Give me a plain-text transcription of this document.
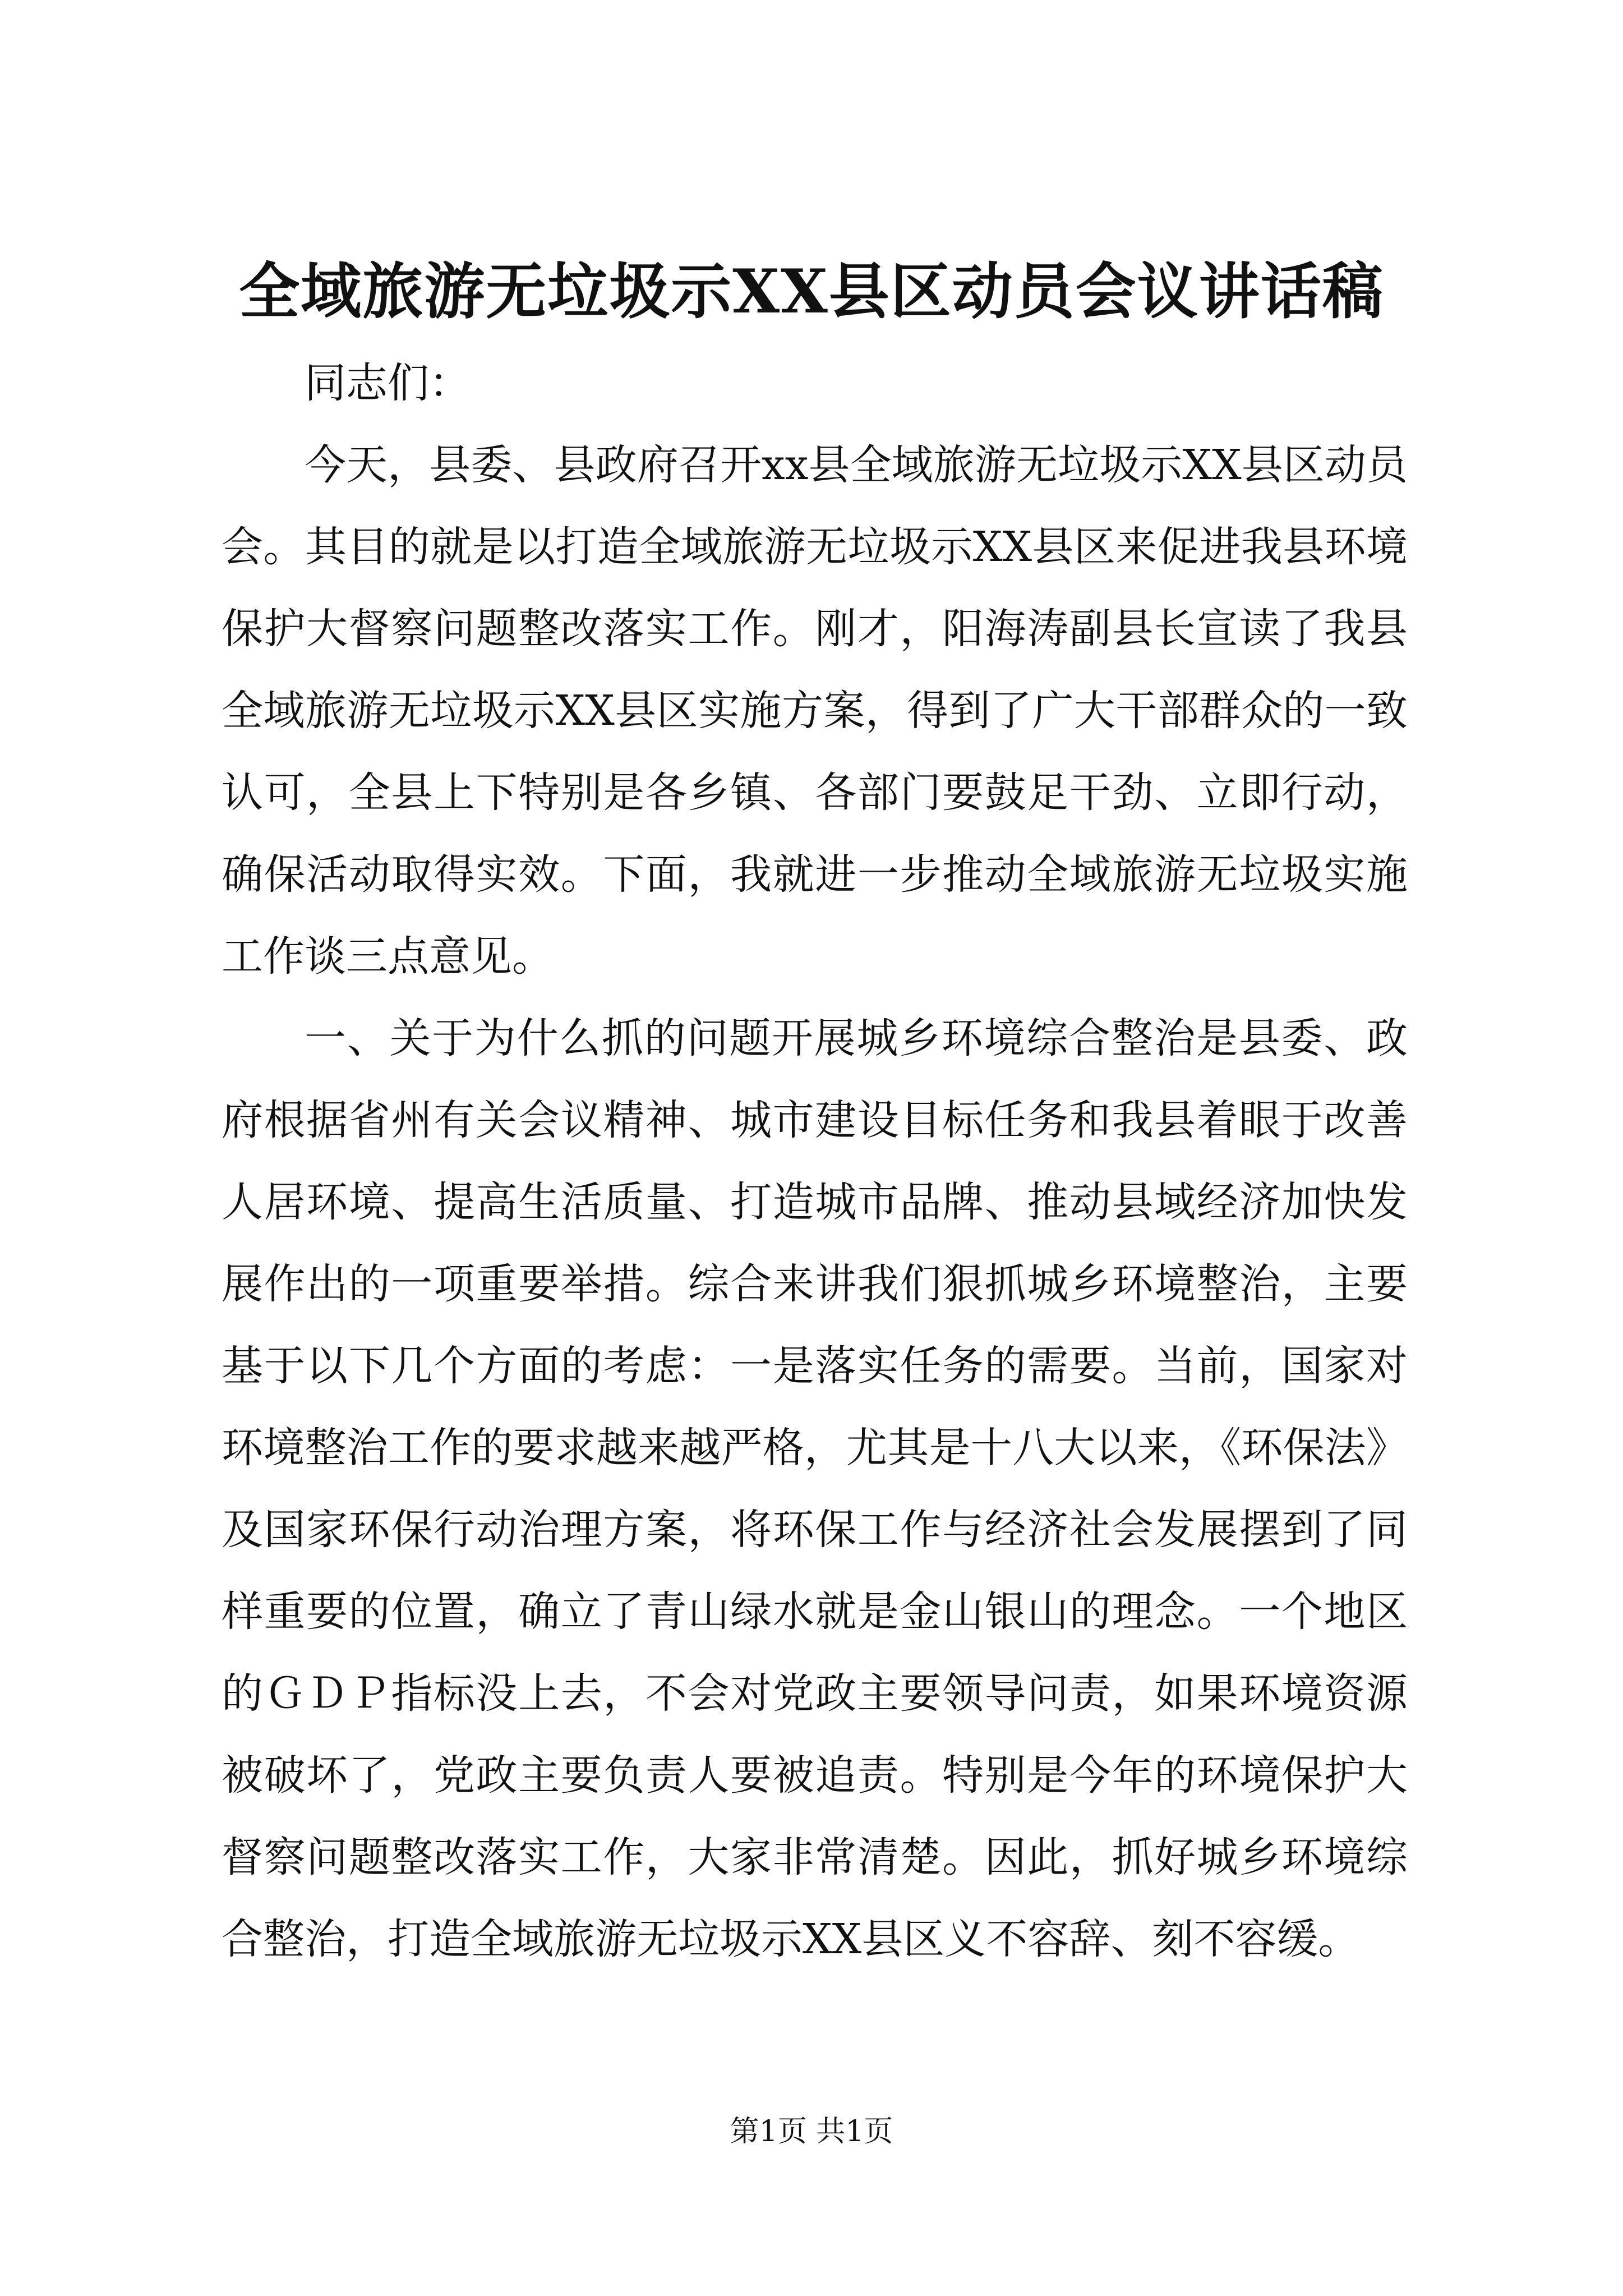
全域旅游无垃圾示XX县区动员会议讲话稿

同志们：

今天，县委、县政府召开xx县全域旅游无垃圾示XX县区动员会。其目的就是以打造全域旅游无垃圾示XX县区来促进我县环境保护大督察问题整改落实工作。刚才，阳海涛副县长宣读了我县全域旅游无垃圾示XX县区实施方案，得到了广大干部群众的一致认可，全县上下特别是各乡镇、各部门要鼓足干劲、立即行动，确保活动取得实效。下面，我就进一步推动全域旅游无垃圾实施工作谈三点意见。

一、关于为什么抓的问题开展城乡环境综合整治是县委、政府根据省州有关会议精神、城市建设目标任务和我县着眼于改善人居环境、提高生活质量、打造城市品牌、推动县域经济加快发展作出的一项重要举措。综合来讲我们狠抓城乡环境整治，主要基于以下几个方面的考虑：一是落实任务的需要。当前，国家对环境整治工作的要求越来越严格，尤其是十八大以来，《环保法》及国家环保行动治理方案，将环保工作与经济社会发展摆到了同样重要的位置，确立了青山绿水就是金山银山的理念。一个地区的ＧＤＰ指标没上去，不会对党政主要领导问责，如果环境资源被破坏了，党政主要负责人要被追责。特别是今年的环境保护大督察问题整改落实工作，大家非常清楚。因此，抓好城乡环境综合整治，打造全域旅游无垃圾示XX县区义不容辞、刻不容缓。

第1页 共1页
